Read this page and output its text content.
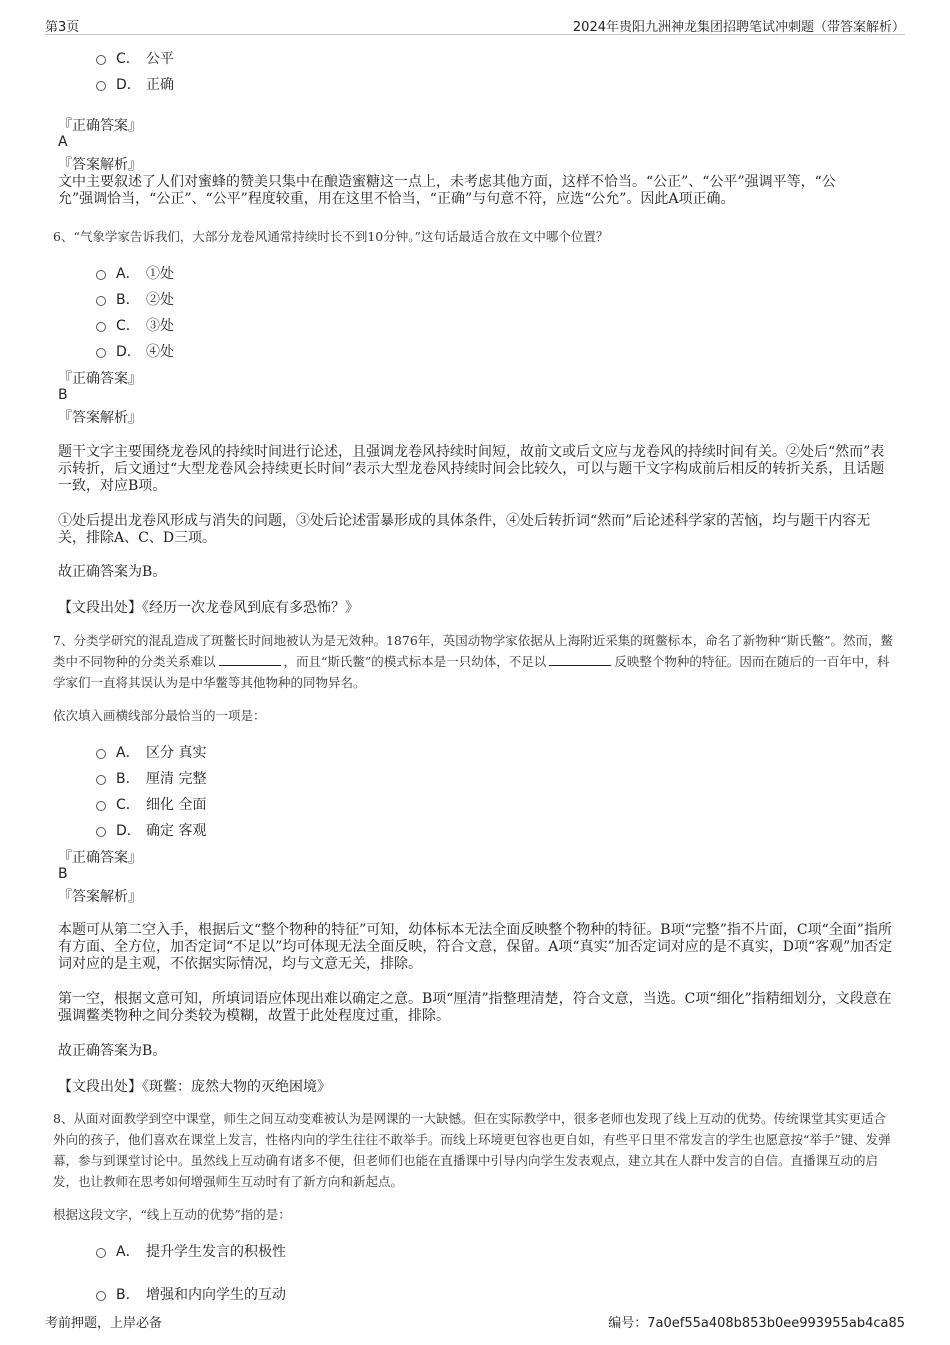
第3页	2024年贵阳九洲神龙集团招聘笔试冲刺题（带答案解析）
C． 公平
D． 正确
『正确答案』
A
『答案解析』
文中主要叙述了人们对蜜蜂的赞美只集中在酿造蜜糖这一点上，未考虑其他方面，这样不恰当。“公正”、“公平”强调平等，“公允”强调恰当，“公正”、“公平”程度较重，用在这里不恰当，“正确”与句意不符，应选“公允”。因此A项正确。
6、“气象学家告诉我们，大部分龙卷风通常持续时长不到10分钟。”这句话最适合放在文中哪个位置？
A． ①处
B． ②处
C． ③处
D． ④处
『正确答案』
B
『答案解析』
题干文字主要围绕龙卷风的持续时间进行论述，且强调龙卷风持续时间短，故前文或后文应与龙卷风的持续时间有关。②处后“然而”表示转折，后文通过“大型龙卷风会持续更长时间”表示大型龙卷风持续时间会比较久，可以与题干文字构成前后相反的转折关系，且话题一致，对应B项。
①处后提出龙卷风形成与消失的问题，③处后论述雷暴形成的具体条件，④处后转折词“然而”后论述科学家的苦恼，均与题干内容无关，排除A、C、D三项。
故正确答案为B。
【文段出处】《经历一次龙卷风到底有多恐怖？》
7、分类学研究的混乱造成了斑鳖长时间地被认为是无效种。1876年，英国动物学家依据从上海附近采集的斑鳖标本，命名了新物种“斯氏鳖”。然而，鳖类中不同物种的分类关系难以	，而且“斯氏鳖”的模式标本是一只幼体，不足以	反映整个物种的特征。因而在随后的一百年中，科学家们一直将其误认为是中华鳖等其他物种的同物异名。
依次填入画横线部分最恰当的一项是：
A． 区分 真实
B． 厘清 完整
C． 细化 全面
D． 确定 客观
『正确答案』
B
『答案解析』
本题可从第二空入手，根据后文“整个物种的特征”可知，幼体标本无法全面反映整个物种的特征。B项“完整”指不片面，C项“全面”指所有方面、全方位，加否定词“不足以”均可体现无法全面反映，符合文意，保留。A项“真实”加否定词对应的是不真实，D项“客观”加否定词对应的是主观，不依据实际情况，均与文意无关，排除。
第一空，根据文意可知，所填词语应体现出难以确定之意。B项“厘清”指整理清楚，符合文意，当选。C项“细化”指精细划分，文段意在强调鳖类物种之间分类较为模糊，故置于此处程度过重，排除。
故正确答案为B。
【文段出处】《斑鳖：庞然大物的灭绝困境》
8、从面对面教学到空中课堂，师生之间互动变难被认为是网课的一大缺憾。但在实际教学中，很多老师也发现了线上互动的优势。传统课堂其实更适合外向的孩子，他们喜欢在课堂上发言，性格内向的学生往往不敢举手。而线上环境更包容也更自如，有些平日里不常发言的学生也愿意按“举手”键、发弹幕，参与到课堂讨论中。虽然线上互动确有诸多不便，但老师们也能在直播课中引导内向学生发表观点，建立其在人群中发言的自信。直播课互动的启发，也让教师在思考如何增强师生互动时有了新方向和新起点。
根据这段文字，“线上互动的优势”指的是：
A． 提升学生发言的积极性
B． 增强和内向学生的互动
考前押题，上岸必备	编号：7a0ef55a408b853b0ee993955ab4ca85
